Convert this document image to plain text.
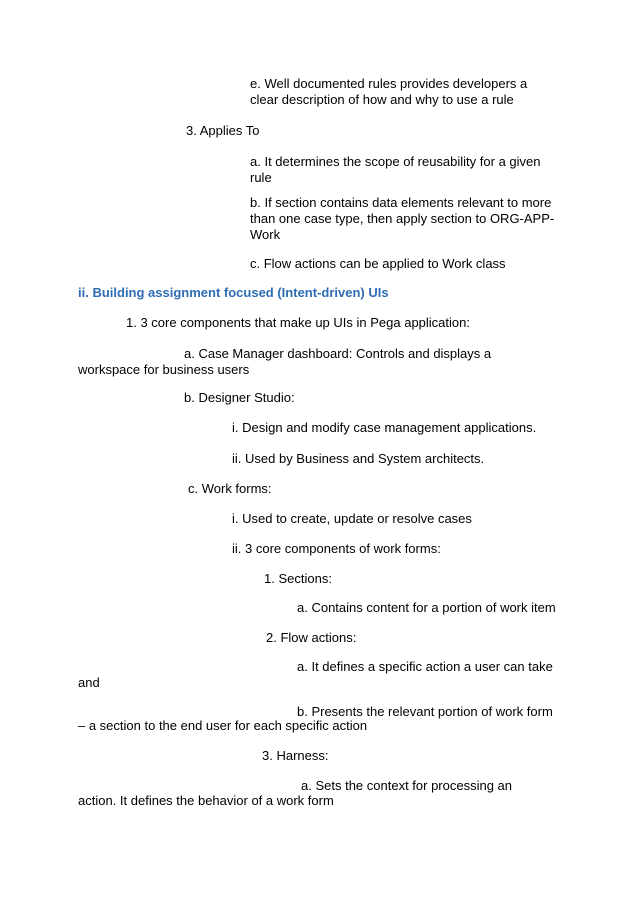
e. Well documented rules provides developers a
clear description of how and why to use a rule
3. Applies To
a. It determines the scope of reusability for a given
rule
b. If section contains data elements relevant to more
than one case type, then apply section to ORG-APP-
Work
c. Flow actions can be applied to Work class
ii. Building assignment focused (Intent-driven) UIs
1. 3 core components that make up UIs in Pega application:
a. Case Manager dashboard: Controls and displays a
workspace for business users
b. Designer Studio:
i. Design and modify case management applications.
ii. Used by Business and System architects.
c. Work forms:
i. Used to create, update or resolve cases
ii. 3 core components of work forms:
1. Sections:
a. Contains content for a portion of work item
2. Flow actions:
a. It defines a specific action a user can take
and
b. Presents the relevant portion of work form
– a section to the end user for each specific action
3. Harness:
a. Sets the context for processing an
action. It defines the behavior of a work form
